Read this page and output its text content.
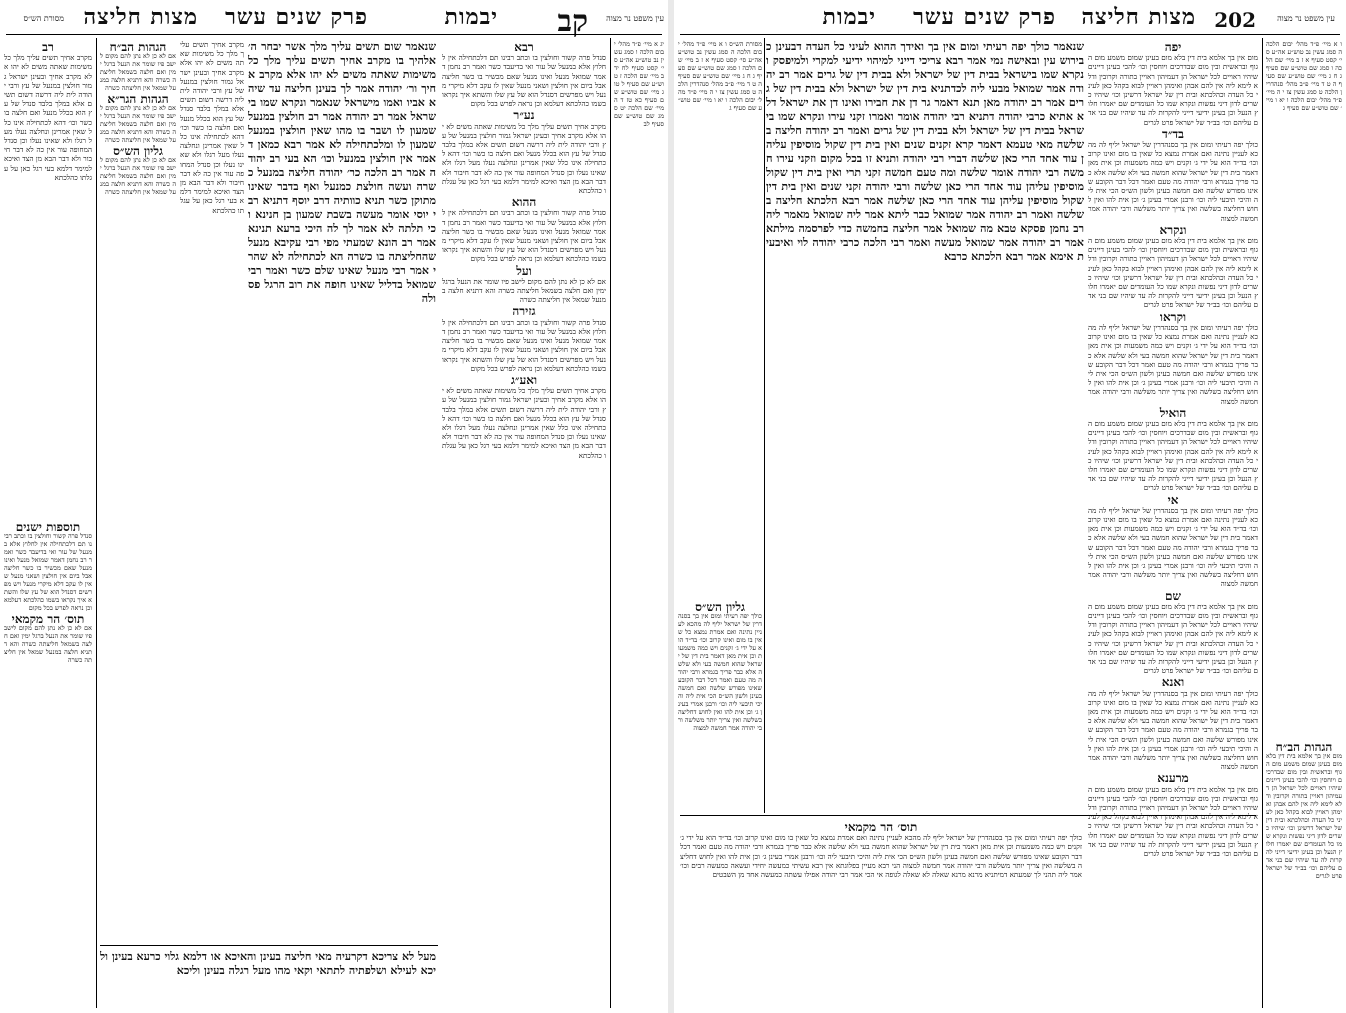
עין משפט נר מצוה
קב
יבמות
פרק שנים עשר
מצות חליצה
מסורת הש״ס
יג א מיי׳ פ״ד מהל׳ יבום הלכה ו סמג עשין נב טוש״ע אה״ע סי׳ קסט סעיף לח יד ב מיי׳ שם הלכה ז טוש״ע שם סעיף ל טו ג מיי׳ שם טוש״ע שם סעיף כא טז ד ה מיי׳ שם הלכה יט סמג שם טוש״ע שם סעיף לב
רבא
סנדל פרה קשור וחולצין בו וכתב רבינו תם דלכתחילה אין לחלוץ אלא במנעל של עור ואי בדיעבד כשר ואמר רב נחמן דאמר שמואל מנעל ואינו מנעל שאם מכשיר בו כשר חליצה אבל ביום אין חולצין ושאני מנעל שאין לו עקב דלא מיקרי מנעל ויש מפרשים דסנדל הוא של עץ שלו והשתא איך נקראו בשמו כהלכתא דעלמא וכן נראה לפרש בכל מקום
נע״ר
מקרב אחיך תשים עליך מלך כל משימות שאתה משים לא יהו אלא מקרב אחיך ובעינן ישראל גמור חולצין במנעל של עץ ורבי יהודה לית ליה דרשה דשום תשים אלא במלך בלבד סנדל של עץ הוא בכלל מנעל ואם חלצה בו כשר וכו׳ דהא לכתחילה אינו כלל שאין אמרינן ונחלצה נעלו מעל רגלו ולא שאינו נעלו וכן סנדל המחופה עור אין כה לא דבר חיבור ולא דבר הבא מן הצד ואיכא למימר דלמא בעי רגל כאן על עגלתו כהלכתא
ההוא
סנדל פרה קשור וחולצין בו וכתב רבינו תם דלכתחילה אין לחלוץ אלא במנעל של עור ואי בדיעבד כשר ואמר רב נחמן דאמר שמואל מנעל ואינו מנעל שאם מכשיר בו כשר חליצה אבל ביום אין חולצין ושאני מנעל שאין לו עקב דלא מיקרי מנעל ויש מפרשים דסנדל הוא של עץ שלו והשתא איך נקראו בשמו כהלכתא דעלמא וכן נראה לפרש בכל מקום
ועל
אם לא כן לא נתן להם מקום לישב פיו שומר את הנעל ברגל ימין ואם חלצה בשמאל חליצתה כשרה והא דתניא חלצה במנעל שמאל אין חליצתה כשרה
גזירה
סנדל פרה קשור וחולצין בו וכתב רבינו תם דלכתחילה אין לחלוץ אלא במנעל של עור ואי בדיעבד כשר ואמר רב נחמן דאמר שמואל מנעל ואינו מנעל שאם מכשיר בו כשר חליצה אבל ביום אין חולצין ושאני מנעל שאין לו עקב דלא מיקרי מנעל ויש מפרשים דסנדל הוא של עץ שלו והשתא איך נקראו בשמו כהלכתא דעלמא וכן נראה לפרש בכל מקום
ואע״ג
מקרב אחיך תשים עליך מלך כל משימות שאתה משים לא יהו אלא מקרב אחיך ובעינן ישראל גמור חולצין במנעל של עץ ורבי יהודה לית ליה דרשה דשום תשים אלא במלך בלבד סנדל של עץ הוא בכלל מנעל ואם חלצה בו כשר וכו׳ דהא לכתחילה אינו כלל שאין אמרינן ונחלצה נעלו מעל רגלו ולא שאינו נעלו וכן סנדל המחופה עור אין כה לא דבר חיבור ולא דבר הבא מן הצד ואיכא למימר דלמא בעי רגל כאן על עגלתו כהלכתא
תוספות ישנים
סנדל פרה קשור וחולצין בו וכתב רבינו תם דלכתחילה אין לחלוץ אלא במנעל של עור ואי בדיעבד כשר ואמר רב נחמן דאמר שמואל מנעל ואינו מנעל שאם מכשיר בו כשר חליצה אבל ביום אין חולצין ושאני מנעל שאין לו עקב דלא מיקרי מנעל ויש מפרשים דסנדל הוא של עץ שלו והשתא איך נקראו בשמו כהלכתא דעלמא וכן נראה לפרש בכל מקום
תוס׳ הר מקמאי
אם לא כן לא נתן להם מקום לישב פיו שומר את הנעל ברגל ימין ואם חלצה בשמאל חליצתה כשרה והא דתניא חלצה במנעל שמאל אין חליצתה כשרה
רב
מקרב אחיך תשים עליך מלך כל משימות שאתה משים לא יהו אלא מקרב אחיך ובעינן ישראל גמור חולצין במנעל של עץ ורבי יהודה לית ליה דרשה דשום תשים אלא במלך בלבד סנדל של עץ הוא בכלל מנעל ואם חלצה בו כשר וכו׳ דהא לכתחילה אינו כלל שאין אמרינן ונחלצה נעלו מעל רגלו ולא שאינו נעלו וכן סנדל המחופה עור אין כה לא דבר חיבור ולא דבר הבא מן הצד ואיכא למימר דלמא בעי רגל כאן על עגלתו כהלכתא
הגהות הב״ח
אם לא כן לא נתן להם מקום לישב פיו שומר את הנעל ברגל ימין ואם חלצה בשמאל חליצתה כשרה והא דתניא חלצה במנעל שמאל אין חליצתה כשרה
הגהות הגר״א
אם לא כן לא נתן להם מקום לישב פיו שומר את הנעל ברגל ימין ואם חלצה בשמאל חליצתה כשרה והא דתניא חלצה במנעל שמאל אין חליצתה כשרה
גליון הש״ס
אם לא כן לא נתן להם מקום לישב פיו שומר את הנעל ברגל ימין ואם חלצה בשמאל חליצתה כשרה והא דתניא חלצה במנעל שמאל אין חליצתה כשרה
מקרב אחיך תשים עליך מלך כל משימות שאתה משים לא יהו אלא מקרב אחיך ובעינן ישראל גמור חולצין במנעל של עץ ורבי יהודה לית ליה דרשה דשום תשים אלא במלך בלבד סנדל של עץ הוא בכלל מנעל ואם חלצה בו כשר וכו׳ דהא לכתחילה אינו כלל שאין אמרינן ונחלצה נעלו מעל רגלו ולא שאינו נעלו וכן סנדל המחופה עור אין כה לא דבר חיבור ולא דבר הבא מן הצד ואיכא למימר דלמא בעי רגל כאן על עגלתו כהלכתא
שנאמר שום תשים עליך מלך אשר יבחר ה׳ אלהיך בו מקרב אחיך תשים עליך מלך כל משימות שאתה משים לא יהו אלא מקרב אחיך ור׳ יהודה אמר לך בעינן חליצה עד שיהא אביו ואמו מישראל שנאמר ונקרא שמו בישראל אמר רב יהודה אמר רב חולצין במנעל שמעון לו ושבר בו מהו שאין חולצין במנעל שמעון לו ומלכתחילה לא אמר רבא כמאן דאמר אין חולצין במנעל וכו׳ הא בעי רב יהודה אמר רב הלכה כר׳ יהודה חליצה במנעל כשרה ועשה חולצת כמנעל ואף בדבר שאינו מתוקן כשר תניא כוותיה דרב יוסף דתניא רבי יוסי אומר מעשה בשבת שמעון בן חנינא וכי תלתה לא אמר לך לה היכי ברעא תנינא אמר רב הונא שמעתי מפי רבי עקיבא מנעל שהחליצתה בו כשרה הא לכתחילה לא שהרי אמר רבי מנעל שאינו שלם כשר ואמר רבי שמואל בדליל שאינו חופה את רוב הרגל פסולה
מעל לא צריכא דקרעיה מאי חליצה בעינן והאיכא או דלמא גלוי כרעא בעינן וליכא לעילא ושלפתיה לתתאי וקאי מהו מעל רגלה בעינן וליכא
202
מצות חליצה
פרק שנים עשר
יבמות	עין משפט נר מצוה
ו א מיי׳ פ״ד מהל׳ יבום הלכה ה סמג עשין נב טוש״ע אה״ע סי׳ קסט סעיף א ז ב מיי׳ שם הלכה ו סמג שם טוש״ע שם סעיף ג ח ג מיי׳ שם טוש״ע שם סעיף ה ט ד מיי׳ פ״ב מהל׳ סנהדרין הלכה ט סמג עשין צז י ה מיי׳ פ״ד מהל׳ יבום הלכה ו יא ו מיי׳ שם טוש״ע שם סעיף ג
הגהות הב״ח
מום אין בך אלמא בית דין בלא מום בעינן שמום משמע מום הגוף ובראשית ובין מום שבדרכים ויוחסין וכו׳ להכי בעינן דיינים שיהיו ראויים לכל ישראל הן דעמיהון ראויין בתורה וקרובין ודלא לימא ליה אין להם אבהן ואימהן ראויין לבוא בקהל כאן לעיני כל העדה וכהלכתא ובית דין של ישראל דרשינן וכו׳ שיהיו כשרים לדון דיני נפשות ונקרא שמו כל העומדים שם יאמרו חלוץ הנעל וכן בעינן ידיעי דייני להקרות לה עד שיהיו שם בני אדם עליהם וכו׳ בב״ד של ישראל פרט לגרים
יפה
מום אין בך אלמא בית דין בלא מום בעינן שמום משמע מום הגוף ובראשית ובין מום שבדרכים ויוחסין וכו׳ להכי בעינן דיינים שיהיו ראויים לכל ישראל הן דעמיהון ראויין בתורה וקרובין ודלא לימא ליה אין להם אבהן ואימהן ראויין לבוא בקהל כאן לעיני כל העדה וכהלכתא ובית דין של ישראל דרשינן וכו׳ שיהיו כשרים לדון דיני נפשות ונקרא שמו כל העומדים שם יאמרו חלוץ הנעל וכן בעינן ידיעי דייני להקרות לה עד שיהיו שם בני אדם עליהם וכו׳ בב״ד של ישראל פרט לגרים
בד״ד
כולך יפה רעיתי ומום אין בך בסנהדרין של ישראל יליף לה מהכא לעניין נתינה ואם אמרת נמצא כל שאין בו מום ואינו קרוב וכו׳ בד״ד הוא על ידי ג׳ זקנים ויש כמה משמעות וכן אית מאן דאמר בית דין של ישראל שהוא חמשה בעי ולא שלשה אלא כבר פריך בגמרא ורבי יהודה מה טעם ואמר דכל דבר הקובע שאינו מפורש שלשה ואם חמשה בעינן ולשון הש״ס הכי אית ליה והיכי תיבעי ליה וכו׳ ורבנן אמרי בעינן ג׳ וכן אית להו ואין לחוש דחליצה בשלשה ואין צריך יותר משלשה ורבי יהודה אמר חמשה למצוה
ונקרא
מום אין בך אלמא בית דין בלא מום בעינן שמום משמע מום הגוף ובראשית ובין מום שבדרכים ויוחסין וכו׳ להכי בעינן דיינים שיהיו ראויים לכל ישראל הן דעמיהון ראויין בתורה וקרובין ודלא לימא ליה אין להם אבהן ואימהן ראויין לבוא בקהל כאן לעיני כל העדה וכהלכתא ובית דין של ישראל דרשינן וכו׳ שיהיו כשרים לדון דיני נפשות ונקרא שמו כל העומדים שם יאמרו חלוץ הנעל וכן בעינן ידיעי דייני להקרות לה עד שיהיו שם בני אדם עליהם וכו׳ בב״ד של ישראל פרט לגרים
וקראו
כולך יפה רעיתי ומום אין בך בסנהדרין של ישראל יליף לה מהכא לעניין נתינה ואם אמרת נמצא כל שאין בו מום ואינו קרוב וכו׳ בד״ד הוא על ידי ג׳ זקנים ויש כמה משמעות וכן אית מאן דאמר בית דין של ישראל שהוא חמשה בעי ולא שלשה אלא כבר פריך בגמרא ורבי יהודה מה טעם ואמר דכל דבר הקובע שאינו מפורש שלשה ואם חמשה בעינן ולשון הש״ס הכי אית ליה והיכי תיבעי ליה וכו׳ ורבנן אמרי בעינן ג׳ וכן אית להו ואין לחוש דחליצה בשלשה ואין צריך יותר משלשה ורבי יהודה אמר חמשה למצוה
הואיל
מום אין בך אלמא בית דין בלא מום בעינן שמום משמע מום הגוף ובראשית ובין מום שבדרכים ויוחסין וכו׳ להכי בעינן דיינים שיהיו ראויים לכל ישראל הן דעמיהון ראויין בתורה וקרובין ודלא לימא ליה אין להם אבהן ואימהן ראויין לבוא בקהל כאן לעיני כל העדה וכהלכתא ובית דין של ישראל דרשינן וכו׳ שיהיו כשרים לדון דיני נפשות ונקרא שמו כל העומדים שם יאמרו חלוץ הנעל וכן בעינן ידיעי דייני להקרות לה עד שיהיו שם בני אדם עליהם וכו׳ בב״ד של ישראל פרט לגרים
אי
כולך יפה רעיתי ומום אין בך בסנהדרין של ישראל יליף לה מהכא לעניין נתינה ואם אמרת נמצא כל שאין בו מום ואינו קרוב וכו׳ בד״ד הוא על ידי ג׳ זקנים ויש כמה משמעות וכן אית מאן דאמר בית דין של ישראל שהוא חמשה בעי ולא שלשה אלא כבר פריך בגמרא ורבי יהודה מה טעם ואמר דכל דבר הקובע שאינו מפורש שלשה ואם חמשה בעינן ולשון הש״ס הכי אית ליה והיכי תיבעי ליה וכו׳ ורבנן אמרי בעינן ג׳ וכן אית להו ואין לחוש דחליצה בשלשה ואין צריך יותר משלשה ורבי יהודה אמר חמשה למצוה
שם
מום אין בך אלמא בית דין בלא מום בעינן שמום משמע מום הגוף ובראשית ובין מום שבדרכים ויוחסין וכו׳ להכי בעינן דיינים שיהיו ראויים לכל ישראל הן דעמיהון ראויין בתורה וקרובין ודלא לימא ליה אין להם אבהן ואימהן ראויין לבוא בקהל כאן לעיני כל העדה וכהלכתא ובית דין של ישראל דרשינן וכו׳ שיהיו כשרים לדון דיני נפשות ונקרא שמו כל העומדים שם יאמרו חלוץ הנעל וכן בעינן ידיעי דייני להקרות לה עד שיהיו שם בני אדם עליהם וכו׳ בב״ד של ישראל פרט לגרים
ואנא
כולך יפה רעיתי ומום אין בך בסנהדרין של ישראל יליף לה מהכא לעניין נתינה ואם אמרת נמצא כל שאין בו מום ואינו קרוב וכו׳ בד״ד הוא על ידי ג׳ זקנים ויש כמה משמעות וכן אית מאן דאמר בית דין של ישראל שהוא חמשה בעי ולא שלשה אלא כבר פריך בגמרא ורבי יהודה מה טעם ואמר דכל דבר הקובע שאינו מפורש שלשה ואם חמשה בעינן ולשון הש״ס הכי אית ליה והיכי תיבעי ליה וכו׳ ורבנן אמרי בעינן ג׳ וכן אית להו ואין לחוש דחליצה בשלשה ואין צריך יותר משלשה ורבי יהודה אמר חמשה למצוה
מרענא
מום אין בך אלמא בית דין בלא מום בעינן שמום משמע מום הגוף ובראשית ובין מום שבדרכים ויוחסין וכו׳ להכי בעינן דיינים שיהיו ראויים לכל ישראל הן דעמיהון ראויין בתורה וקרובין ודלא לימא ליה אין להם אבהן ואימהן ראויין לבוא בקהל כאן לעיני כל העדה וכהלכתא ובית דין של ישראל דרשינן וכו׳ שיהיו כשרים לדון דיני נפשות ונקרא שמו כל העומדים שם יאמרו חלוץ הנעל וכן בעינן ידיעי דייני להקרות לה עד שיהיו שם בני אדם עליהם וכו׳ בב״ד של ישראל פרט לגרים
שנאמר כולך יפה רעיתי ומום אין בך ואידך ההוא לעיני כל העדה דבעינן כבירוש עין ובאישה נמי אמר רבא צריכי דייני למיהוי ידיעי למקרי ולמיפסק ונקרא שמו בישראל בבית דין של ישראל ולא בבית דין של גרים אמר רב יהודה אמר שמואל מבעי ליה לכדתניא בית דין של ישראל ולא בבית דין של גרים אמר רב יהודה מאן תנא דאמר גר דן את חבירו ואינו דן את ישראל דלא אתיא כרבי יהודה דתניא רבי יהודה אומר ואמרו זקני עירו ונקרא שמו בישראל בבית דין של ישראל ולא בבית דין של גרים ואמר רב יהודה חליצה בשלשה מאי טעמא דאמר קרא זקנים שנים ואין בית דין שקול מוסיפין עליהן עוד אחד הרי כאן שלשה דברי רבי יהודה ותניא זו בכל מקום וזקני עירו חמשה רבי יהודה אומר שלשה ומה טעם חמשה זקני תרי ואין בית דין שקול מוסיפין עליהן עוד אחד הרי כאן שלשה ורבי יהודה זקני שנים ואין בית דין שקול מוסיפין עליהן עוד אחד הרי כאן שלשה אמר רבא הלכתא חליצה בשלשה ואמר רב יהודה אמר שמואל כבר ליתא אמר ליה שמואל מאמר ליה רב נחמן פסקא טבא מה שמואל אמר חליצה בחמשה כדי לפרסמה מילתא אמר רב יהודה אמר שמואל מעשה ואמר רבי הלכה כרבי יהודה לוי ואיבעית אימא אמר רבא הלכתא כרבא
מסורת הש״ס ו א מיי׳ פ״ד מהל׳ יבום הלכה ה סמג עשין נב טוש״ע אה״ע סי׳ קסט סעיף א ז ב מיי׳ שם הלכה ו סמג שם טוש״ע שם סעיף ג ח ג מיי׳ שם טוש״ע שם סעיף ה ט ד מיי׳ פ״ב מהל׳ סנהדרין הלכה ט סמג עשין צז י ה מיי׳ פ״ד מהל׳ יבום הלכה ו יא ו מיי׳ שם טוש״ע שם סעיף ג
גליון הש״ס
כולך יפה רעיתי ומום אין בך בסנהדרין של ישראל יליף לה מהכא לעניין נתינה ואם אמרת נמצא כל שאין בו מום ואינו קרוב וכו׳ בד״ד הוא על ידי ג׳ זקנים ויש כמה משמעות וכן אית מאן דאמר בית דין של ישראל שהוא חמשה בעי ולא שלשה אלא כבר פריך בגמרא ורבי יהודה מה טעם ואמר דכל דבר הקובע שאינו מפורש שלשה ואם חמשה בעינן ולשון הש״ס הכי אית ליה והיכי תיבעי ליה וכו׳ ורבנן אמרי בעינן ג׳ וכן אית להו ואין לחוש דחליצה בשלשה ואין צריך יותר משלשה ורבי יהודה אמר חמשה למצוה
תוס׳ הר מקמאי
כולך יפה רעיתי ומום אין בך בסנהדרין של ישראל יליף לה מהכא לעניין נתינה ואם אמרת נמצא כל שאין בו מום ואינו קרוב וכו׳ בד״ד הוא על ידי ג׳ זקנים ויש כמה משמעות וכן אית מאן דאמר בית דין של ישראל שהוא חמשה בעי ולא שלשה אלא כבר פריך בגמרא ורבי יהודה מה טעם ואמר דכל דבר הקובע שאינו מפורש שלשה ואם חמשה בעינן ולשון הש״ס הכי אית ליה והיכי תיבעי ליה וכו׳ ורבנן אמרי בעינן ג׳ וכן אית להו ואין לחוש דחליצה בשלשה ואין צריך יותר משלשה ורבי יהודה אמר חמשה למצוה הני רבא מעיין בפלוגתא אין רבא עשיתי כמעשה יחידי ועשאה כמעשה רבים וכו׳ אמר ליה תהני לך שמעתא דמיתניא מרנא מרנא שאלה לא שאלה לגופה אי הכי אמר רבי יהודה אפילו עשתה כמעשה אחד מן השבטים
